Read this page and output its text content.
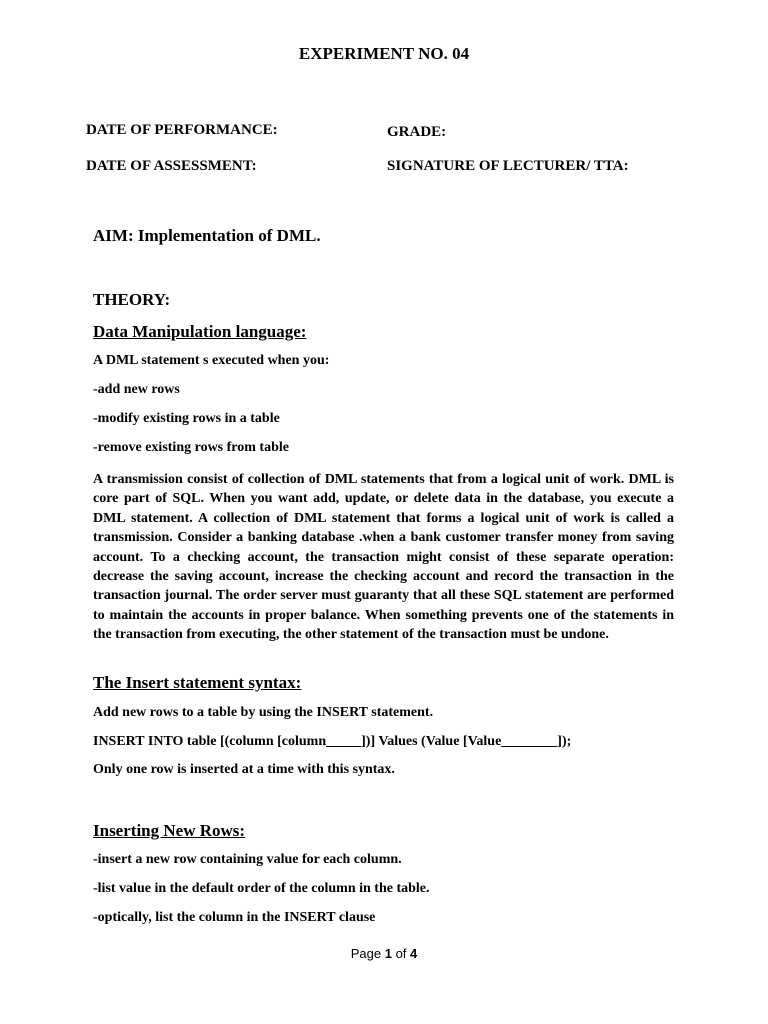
EXPERIMENT NO. 04
DATE OF PERFORMANCE:	GRADE:
DATE OF ASSESSMENT:	SIGNATURE OF LECTURER/ TTA:
AIM: Implementation of DML.
THEORY:
Data Manipulation language:
A DML statement s executed when you:
-add new rows
-modify existing rows in a table
-remove existing rows from table

A transmission consist of collection of DML statements that from a logical unit of work. DML is core part of SQL. When you want add, update, or delete data in the database, you execute a DML statement. A collection of DML statement that forms a logical unit of work is called a transmission. Consider a banking database .when a bank customer transfer money from saving account. To a checking account, the transaction might consist of these separate operation: decrease the saving account, increase the checking account and record the transaction in the transaction journal. The order server must guaranty that all these SQL statement are performed to maintain the accounts in proper balance. When something prevents one of the statements in the transaction from executing, the other statement of the transaction must be undone.

The Insert statement syntax:
Add new rows to a table by using the INSERT statement.
INSERT INTO table [(column [column_____])] Values (Value [Value________]);
Only one row is inserted at a time with this syntax.
Inserting New Rows:
-insert a new row containing value for each column.
-list value in the default order of the column in the table.
-optically, list the column in the INSERT clause
Page 1 of 4
